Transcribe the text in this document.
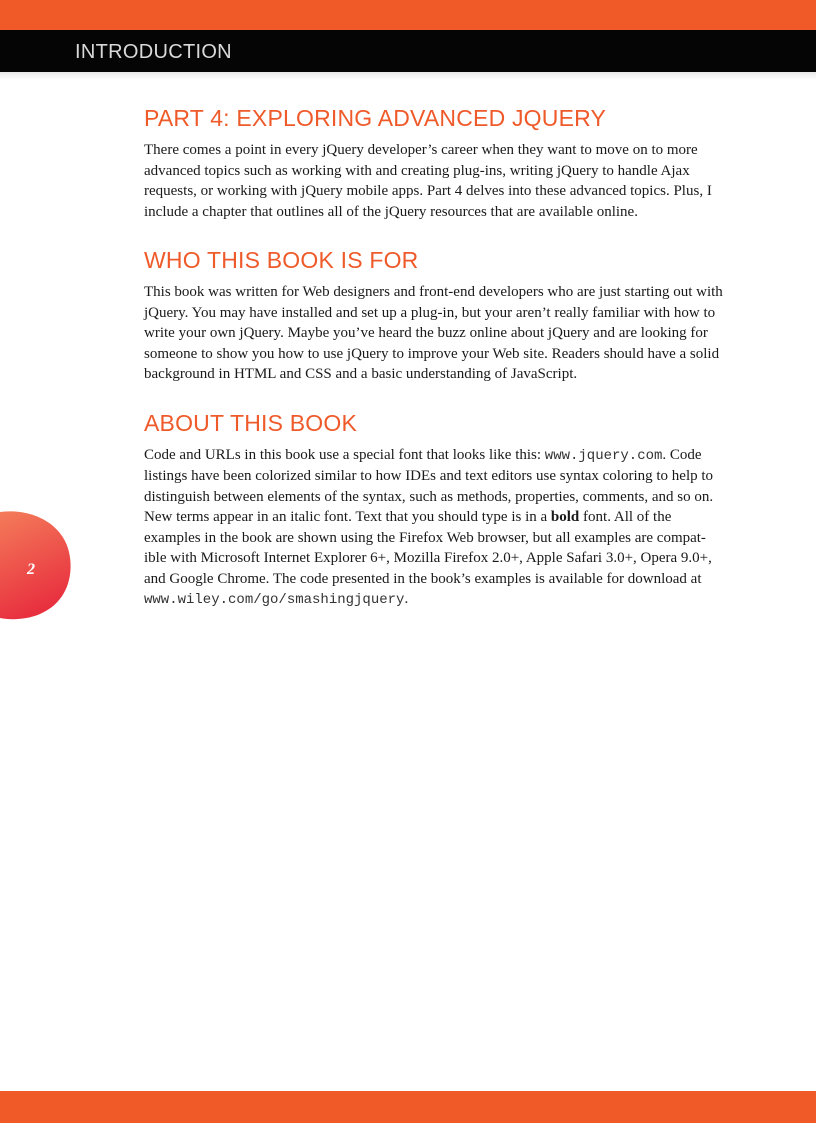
INTRODUCTION
PART 4: EXPLORING ADVANCED JQUERY

There comes a point in every jQuery developer’s career when they want to move on to more advanced topics such as working with and creating plug-ins, writing jQuery to handle Ajax requests, or working with jQuery mobile apps. Part 4 delves into these advanced topics. Plus, I include a chapter that outlines all of the jQuery resources that are available online.

WHO THIS BOOK IS FOR

This book was written for Web designers and front-end developers who are just starting out with jQuery. You may have installed and set up a plug-in, but your aren’t really familiar with how to write your own jQuery. Maybe you’ve heard the buzz online about jQuery and are looking for someone to show you how to use jQuery to improve your Web site. Readers should have a solid background in HTML and CSS and a basic understanding of JavaScript.

ABOUT THIS BOOK

Code and URLs in this book use a special font that looks like this: www.jquery.com. Code listings have been colorized similar to how IDEs and text editors use syntax coloring to help to distinguish between elements of the syntax, such as methods, properties, comments, and so on. New terms appear in an italic font. Text that you should type is in a bold font. All of the examples in the book are shown using the Firefox Web browser, but all examples are compat-ible with Microsoft Internet Explorer 6+, Mozilla Firefox 2.0+, Apple Safari 3.0+, Opera 9.0+, and Google Chrome. The code presented in the book’s examples is available for download at www.wiley.com/go/smashingjquery.

2
